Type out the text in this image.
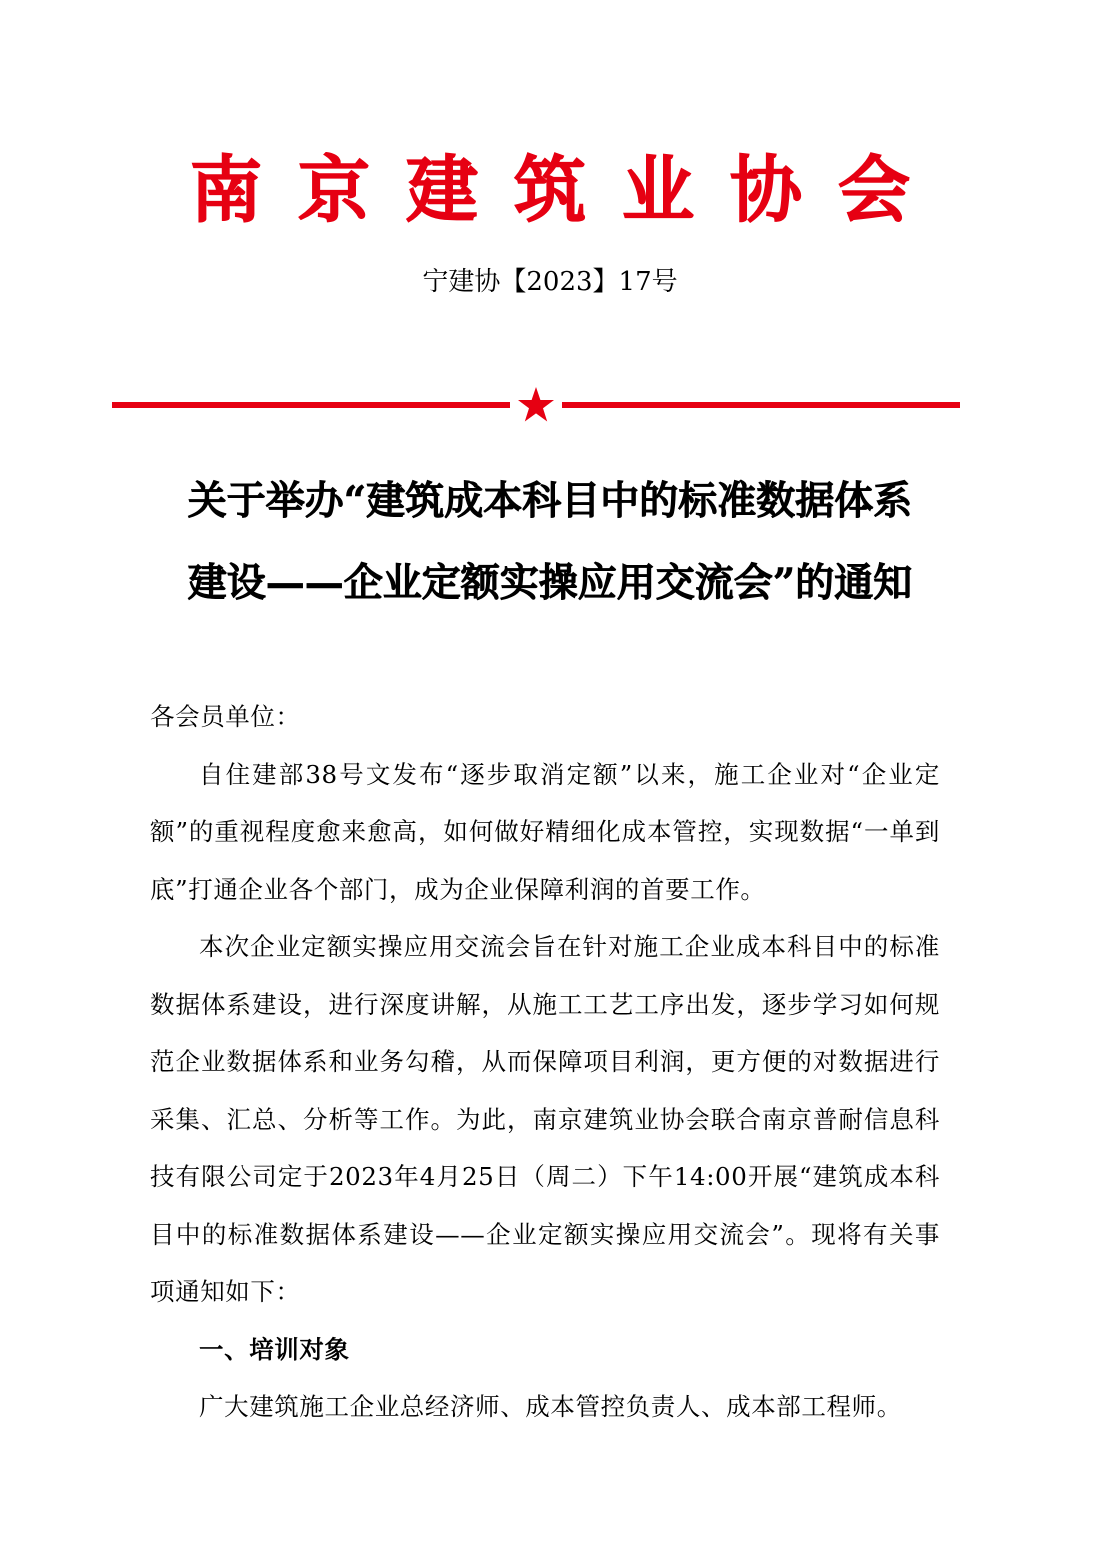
南京建筑业协会
宁建协【2023】17号
关于举办“建筑成本科目中的标准数据体系
建设——企业定额实操应用交流会”的通知

各会员单位：

自住建部38号文发布“逐步取消定额”以来，施工企业对“企业定额”的重视程度愈来愈高，如何做好精细化成本管控，实现数据“一单到底”打通企业各个部门，成为企业保障利润的首要工作。

本次企业定额实操应用交流会旨在针对施工企业成本科目中的标准数据体系建设，进行深度讲解，从施工工艺工序出发，逐步学习如何规范企业数据体系和业务勾稽，从而保障项目利润，更方便的对数据进行采集、汇总、分析等工作。为此，南京建筑业协会联合南京普耐信息科技有限公司定于2023年4月25日（周二）下午14:00开展“建筑成本科目中的标准数据体系建设——企业定额实操应用交流会”。现将有关事项通知如下：

一、培训对象

广大建筑施工企业总经济师、成本管控负责人、成本部工程师。
